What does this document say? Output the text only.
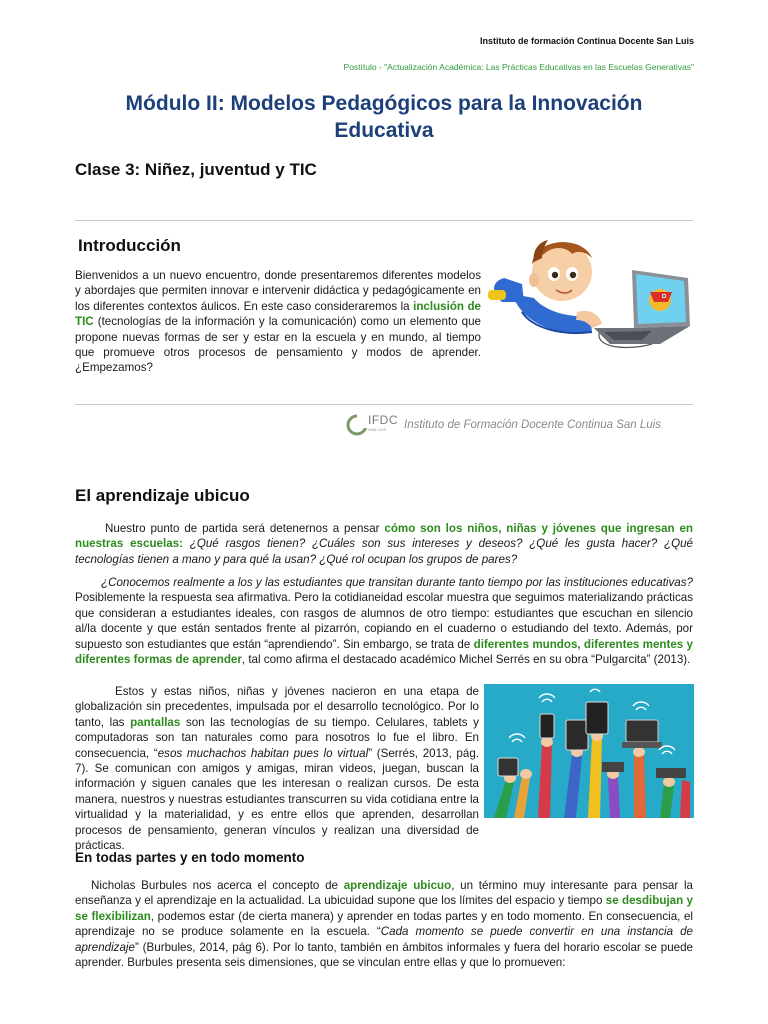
Instituto de formación Continua Docente San Luis
Postítulo - "Actualización Académica: Las Prácticas Educativas en las Escuelas Generativas"
Módulo II: Modelos Pedagógicos para la Innovación
Educativa
Clase 3: Niñez, juventud y TIC
Introducción
Bienvenidos a un nuevo encuentro, donde presentaremos diferentes modelos y abordajes que permiten innovar e intervenir didáctica y pedagógicamente en los diferentes contextos áulicos. En este caso consideraremos la inclusión de TIC (tecnologías de la información y la comunicación) como un elemento que propone nuevas formas de ser y estar en la escuela y en mundo, al tiempo que promueve otros procesos de pensamiento y modos de aprender. ¿Empezamos?
IFDC
SAN LUIS	Instituto de Formación Docente Continua San Luis
El aprendizaje ubicuo
Nuestro punto de partida será detenernos a pensar cómo son los niños, niñas y jóvenes que ingresan en nuestras escuelas: ¿Qué rasgos tienen? ¿Cuáles son sus intereses y deseos? ¿Qué les gusta hacer? ¿Qué tecnologías tienen a mano y para qué la usan? ¿Qué rol ocupan los grupos de pares?
¿Conocemos realmente a los y las estudiantes que transitan durante tanto tiempo por las instituciones educativas? Posiblemente la respuesta sea afirmativa. Pero la cotidianeidad escolar muestra que seguimos materializando prácticas que consideran a estudiantes ideales, con rasgos de alumnos de otro tiempo: estudiantes que escuchan en silencio al/la docente y que están sentados frente al pizarrón, copiando en el cuaderno o estudiando del texto. Además, por supuesto son estudiantes que están “aprendiendo”. Sin embargo, se trata de diferentes mundos, diferentes mentes y diferentes formas de aprender, tal como afirma el destacado académico Michel Serrés en su obra “Pulgarcita” (2013).
Estos y estas niños, niñas y jóvenes nacieron en una etapa de globalización sin precedentes, impulsada por el desarrollo tecnológico. Por lo tanto, las pantallas son las tecnologías de su tiempo. Celulares, tablets y computadoras son tan naturales como para nosotros lo fue el libro. En consecuencia, “esos muchachos habitan pues lo virtual” (Serrés, 2013, pág. 7). Se comunican con amigos y amigas, miran videos, juegan, buscan la información y siguen canales que les interesan o realizan cursos. De esta manera, nuestros y nuestras estudiantes transcurren su vida cotidiana entre la virtualidad y la materialidad, y es entre ellos que aprenden, desarrollan procesos de pensamiento, generan vínculos y realizan una diversidad de prácticas.
En todas partes y en todo momento
Nicholas Burbules nos acerca el concepto de aprendizaje ubicuo, un término muy interesante para pensar la enseñanza y el aprendizaje en la actualidad. La ubicuidad supone que los límites del espacio y tiempo se desdibujan y se flexibilizan, podemos estar (de cierta manera) y aprender en todas partes y en todo momento. En consecuencia, el aprendizaje no se produce solamente en la escuela. “Cada momento se puede convertir en una instancia de aprendizaje” (Burbules, 2014, pág 6). Por lo tanto, también en ámbitos informales y fuera del horario escolar se puede aprender. Burbules presenta seis dimensiones, que se vinculan entre ellas y que lo promueven:
